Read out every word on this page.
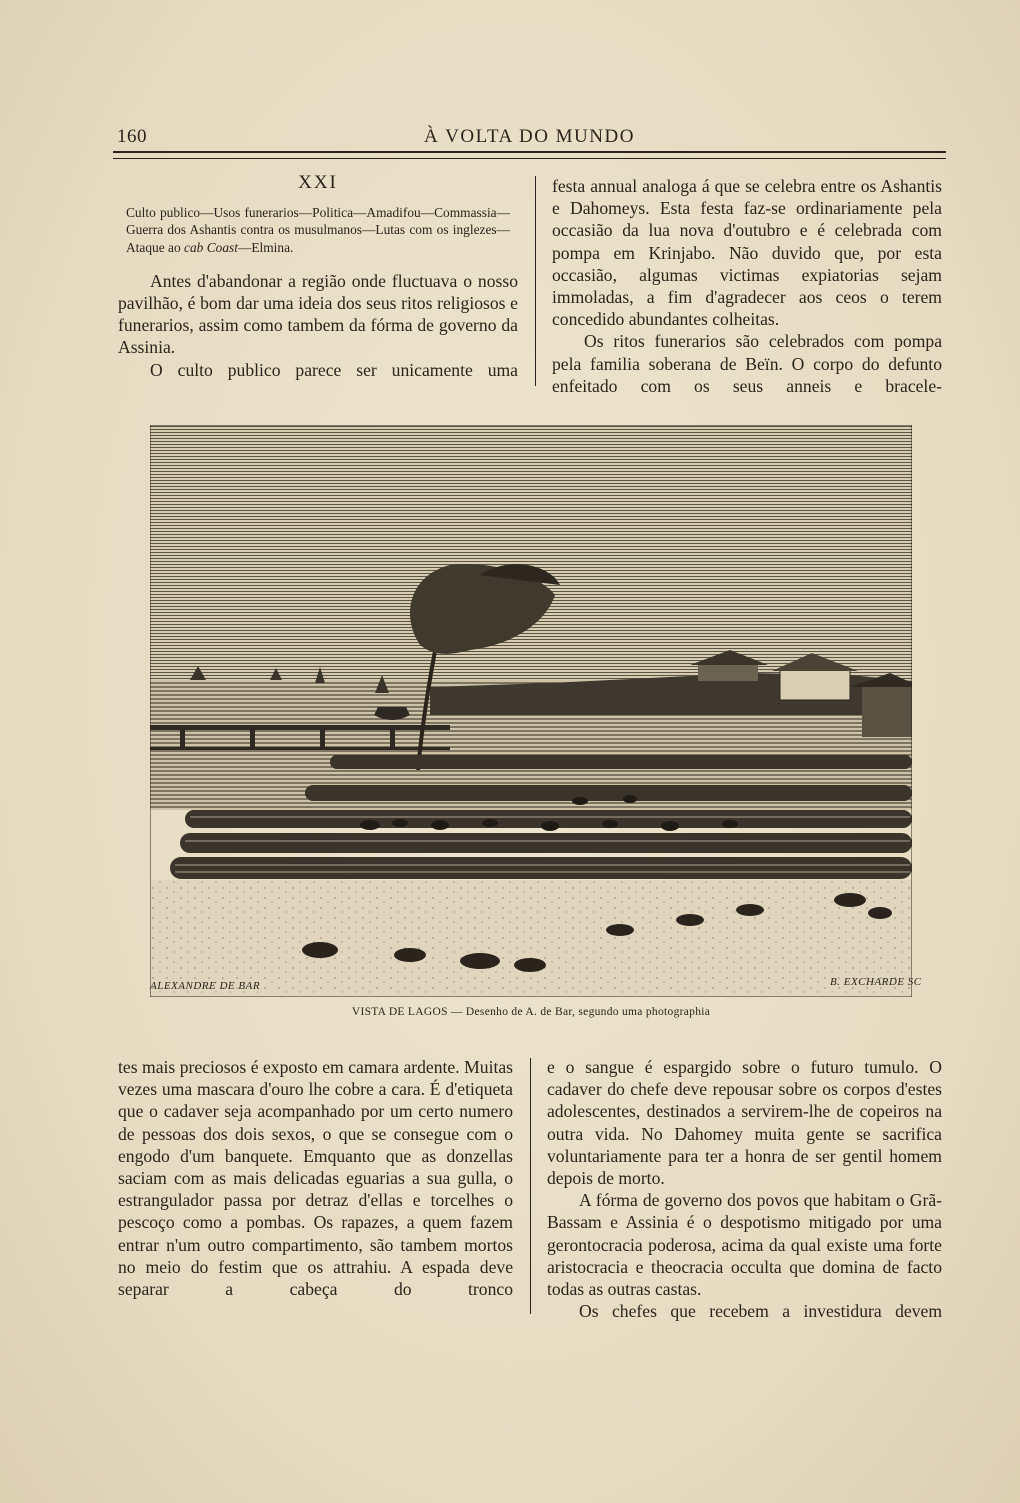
160	À VOLTA DO MUNDO
XXI
Culto publico—Usos funerarios—Politica—Amadifou—Commassia—Guerra dos Ashantis contra os musulmanos—Lutas com os inglezes—Ataque ao cab Coast—Elmina.

Antes d'abandonar a região onde fluctuava o nosso pavilhão, é bom dar uma ideia dos seus ritos religiosos e funerarios, assim como tambem da fórma de governo da Assinia.

O culto publico parece ser unicamente uma

festa annual analoga á que se celebra entre os Ashantis e Dahomeys. Esta festa faz-se ordinariamente pela occasião da lua nova d'outubro e é celebrada com pompa em Krinjabo. Não duvido que, por esta occasião, algumas victimas expiatorias sejam immoladas, a fim d'agradecer aos ceos o terem concedido abundantes colheitas.

Os ritos funerarios são celebrados com pompa pela familia soberana de Beïn. O corpo do defunto enfeitado com os seus anneis e bracele-

ALEXANDRE DE BAR	B. EXCHARDE SC
VISTA DE LAGOS — Desenho de A. de Bar, segundo uma photographia

tes mais preciosos é exposto em camara ardente. Muitas vezes uma mascara d'ouro lhe cobre a cara. É d'etiqueta que o cadaver seja acompanhado por um certo numero de pessoas dos dois sexos, o que se consegue com o engodo d'um banquete. Emquanto que as donzellas saciam com as mais delicadas eguarias a sua gulla, o estrangulador passa por detraz d'ellas e torcelhes o pescoço como a pombas. Os rapazes, a quem fazem entrar n'um outro compartimento, são tambem mortos no meio do festim que os attrahiu. A espada deve separar a cabeça do tronco

e o sangue é espargido sobre o futuro tumulo. O cadaver do chefe deve repousar sobre os corpos d'estes adolescentes, destinados a servirem-lhe de copeiros na outra vida. No Dahomey muita gente se sacrifica voluntariamente para ter a honra de ser gentil homem depois de morto.

A fórma de governo dos povos que habitam o Grã-Bassam e Assinia é o despotismo mitigado por uma gerontocracia poderosa, acima da qual existe uma forte aristocracia e theocracia occulta que domina de facto todas as outras castas.

Os chefes que recebem a investidura devem
